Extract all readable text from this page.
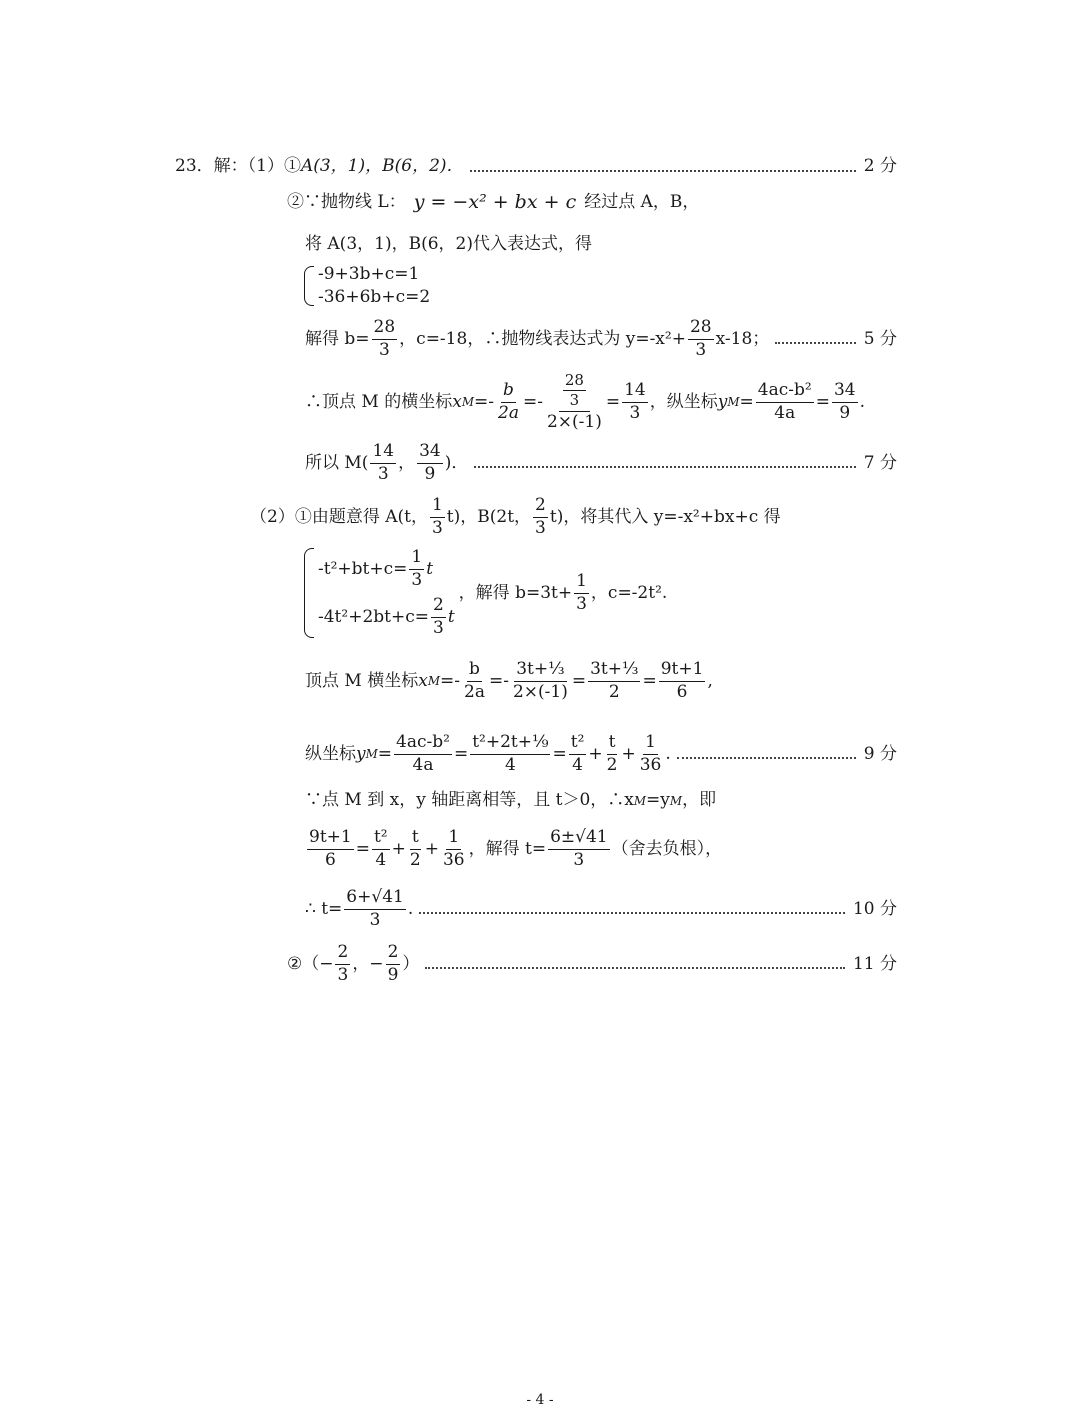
23．解：（1）① A(3，1)，B(6，2)．	2 分
②∵抛物线 L： y = −x² + bx + c 经过点 A，B，
将 A(3，1)，B(6，2)代入表达式，得
-9+3b+c=1
-36+6b+c=2
解得 $b= \frac{28}{3}$ ，c=-18，∴抛物线表达式为 $y=-x^2+ \frac{28}{3} x-18$；	5 分
∴顶点 M 的横坐标 x $M =- \frac{b}{2a} =- \frac{\frac{28}{3}}{2\times(-1)} = \frac{14}{3}$ ，纵坐标 y $M = \frac{\text{4ac-b²}}{4a} = \frac{34}{9}$ .
所以 $M( \frac{14}{3}$ ， $\frac{34}{9}$ )．	7 分
（2）①由题意得 A(t， $\frac{1}{3} t$)，B(2t， $\frac{2}{3} t$)，将其代入 y=-x²+bx+c 得
$-t^2+bt+c= \frac{1}{3}$ t
$-4t^2+2bt+c= \frac{2}{3}$ t
，解得 $b=3t+ \frac{1}{3}$ ，c=-2t².
顶点 M 横坐标 x $M =- \frac{b}{2a} =- \frac{\text{3t+⅓}}{2\times(-1)} = \frac{\text{3t+⅓}}{2} = \frac{9t+1}{6}$ ,
纵坐标 y $M = \frac{\text{4ac-b²}}{4a} = \frac{\text{t²+2t+⅑}}{4} = \frac{\text{t²}}{4} + \frac{t}{2} + \frac{1}{36}$ .	9 分
∵点 M 到 x，y 轴距离相等，且 t＞0，∴x M =y M ，即
$\frac{9t+1}{6} = \frac{\text{t²}}{4} + \frac{t}{2} + \frac{1}{36}$ ，解得 $t= \frac{6\pm√41}{3}$ （舍去负根），
∴ $t= \frac{6+√41}{3}$ .	10 分
②（− $\frac{2}{3}$ ，− $\frac{2}{9}$ ）	11 分
- 4 -
